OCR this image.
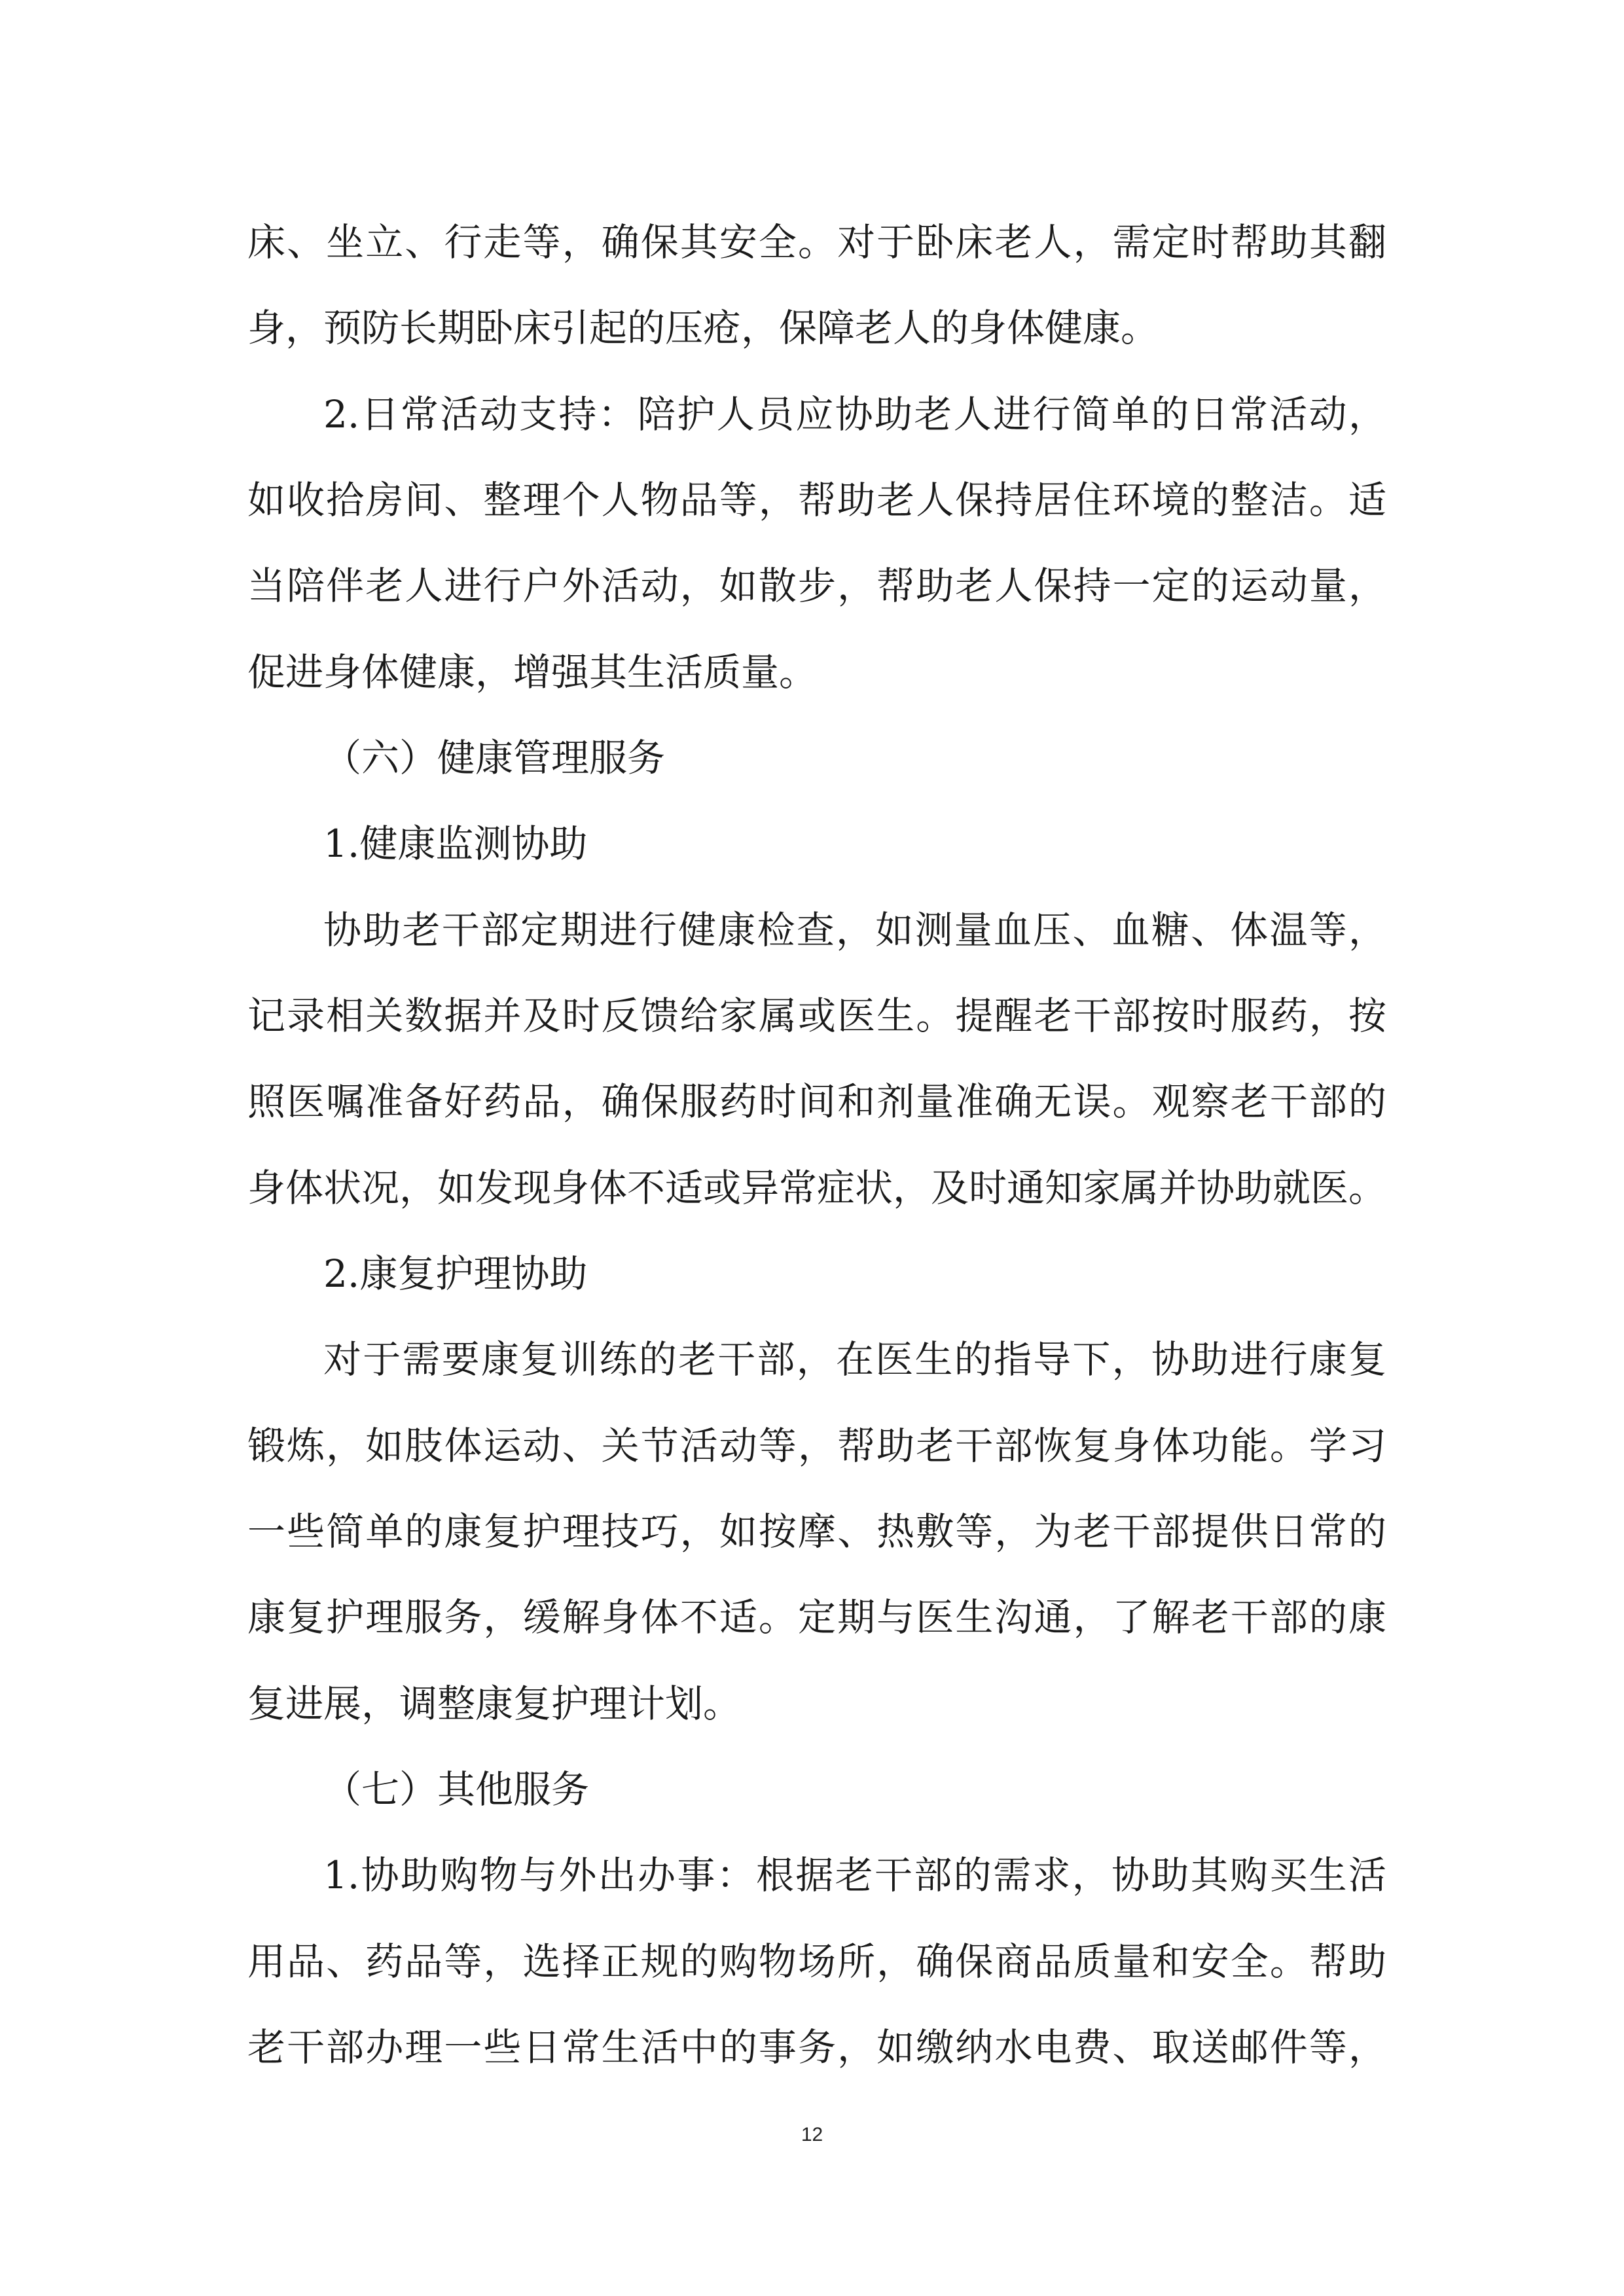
床、坐立、行走等，确保其安全。对于卧床老人，需定时帮助其翻
身，预防长期卧床引起的压疮，保障老人的身体健康。
2.日常活动支持：陪护人员应协助老人进行简单的日常活动，
如收拾房间、整理个人物品等，帮助老人保持居住环境的整洁。适
当陪伴老人进行户外活动，如散步，帮助老人保持一定的运动量，
促进身体健康，增强其生活质量。
（六）健康管理服务
1.健康监测协助
协助老干部定期进行健康检查，如测量血压、血糖、体温等，
记录相关数据并及时反馈给家属或医生。提醒老干部按时服药，按
照医嘱准备好药品，确保服药时间和剂量准确无误。观察老干部的
身体状况，如发现身体不适或异常症状，及时通知家属并协助就医。
2.康复护理协助
对于需要康复训练的老干部，在医生的指导下，协助进行康复
锻炼，如肢体运动、关节活动等，帮助老干部恢复身体功能。学习
一些简单的康复护理技巧，如按摩、热敷等，为老干部提供日常的
康复护理服务，缓解身体不适。定期与医生沟通，了解老干部的康
复进展，调整康复护理计划。
（七）其他服务
1.协助购物与外出办事：根据老干部的需求，协助其购买生活
用品、药品等，选择正规的购物场所，确保商品质量和安全。帮助
老干部办理一些日常生活中的事务，如缴纳水电费、取送邮件等，
12
